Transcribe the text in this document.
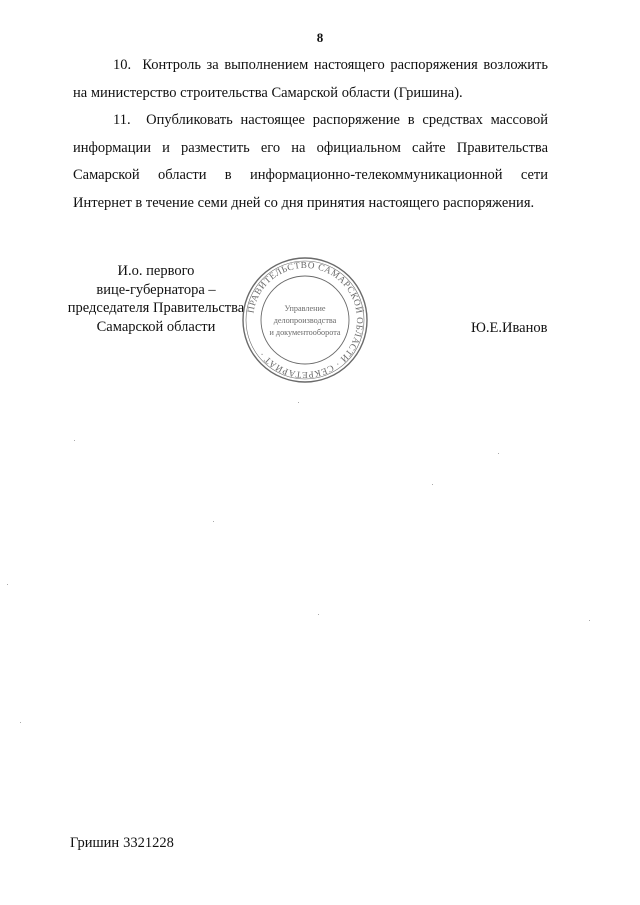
8

10. Контроль за выполнением настоящего распоряжения возложить на министерство строительства Самарской области (Гришина).

11. Опубликовать настоящее распоряжение в средствах массовой информации и разместить его на официальном сайте Правительства Самарской области в информационно-телекоммуникационной сети Интернет в течение семи дней со дня принятия настоящего распоряжения.

И.о. первого
вице-губернатора –
председателя Правительства
Самарской области
ПРАВИТЕЛЬСТВО САМАРСКОЙ ОБЛАСТИ · СЕКРЕТАРИАТ ·
Управление
делопроизводства
и документооборота	Ю.Е.Иванов
Гришин 3321228
